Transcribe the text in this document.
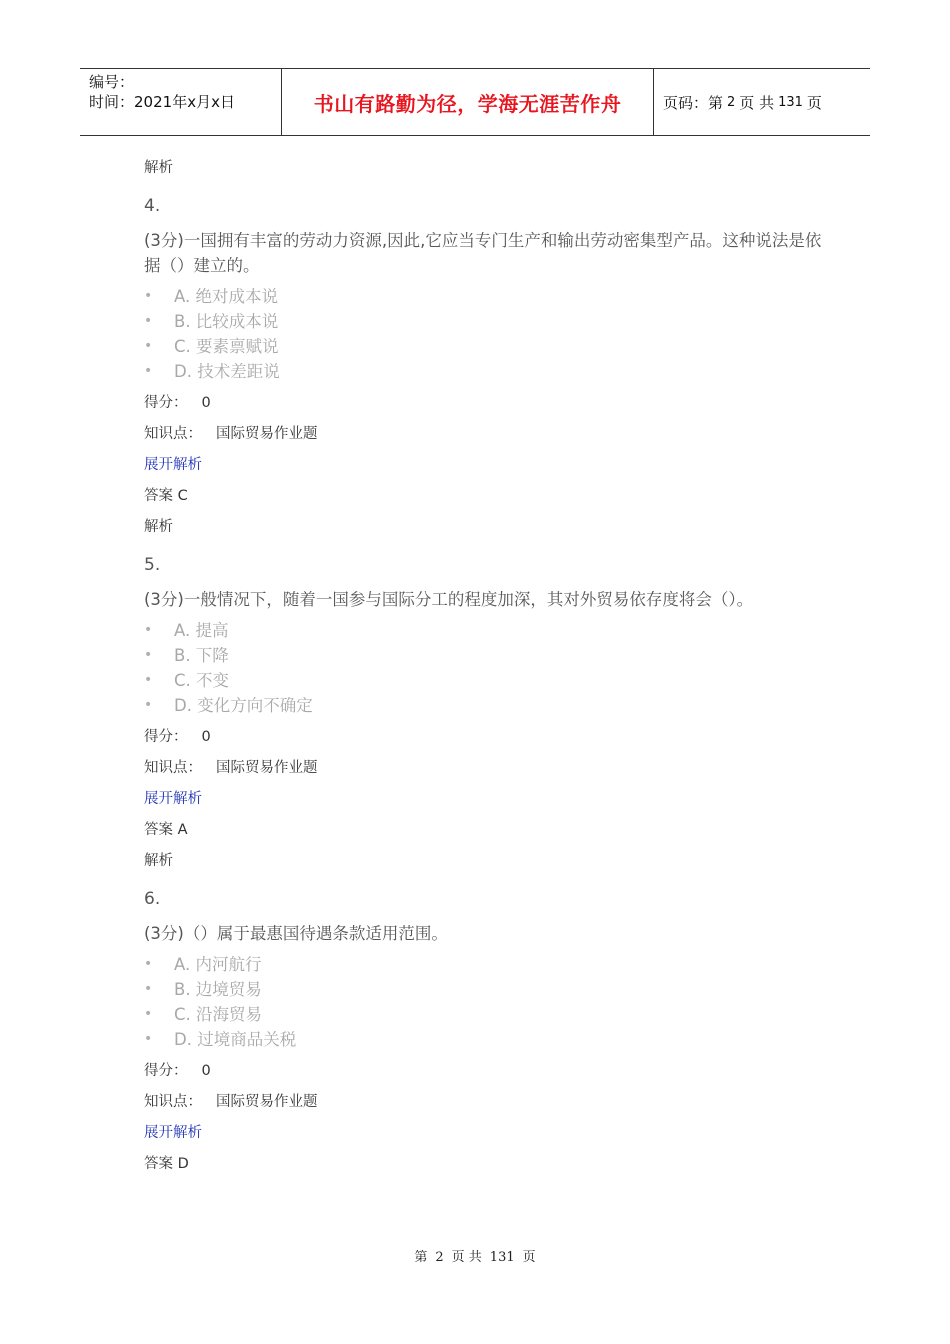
编号：
时间：2021年x月x日	书山有路勤为径，学海无涯苦作舟	页码：第 2 页 共 131 页
解析
4.
(3分)一国拥有丰富的劳动力资源,因此,它应当专门生产和输出劳动密集型产品。这种说法是依据（）建立的。
• A. 绝对成本说
• B. 比较成本说
• C. 要素禀赋说
• D. 技术差距说
得分： 0
知识点： 国际贸易作业题
展开解析
答案 C
解析
5.
(3分)一般情况下，随着一国参与国际分工的程度加深，其对外贸易依存度将会（）。
• A. 提高
• B. 下降
• C. 不变
• D. 变化方向不确定
得分： 0
知识点： 国际贸易作业题
展开解析
答案 A
解析
6.
(3分)（）属于最惠国待遇条款适用范围。
• A. 内河航行
• B. 边境贸易
• C. 沿海贸易
• D. 过境商品关税
得分： 0
知识点： 国际贸易作业题
展开解析
答案 D
第 2 页 共 131 页
